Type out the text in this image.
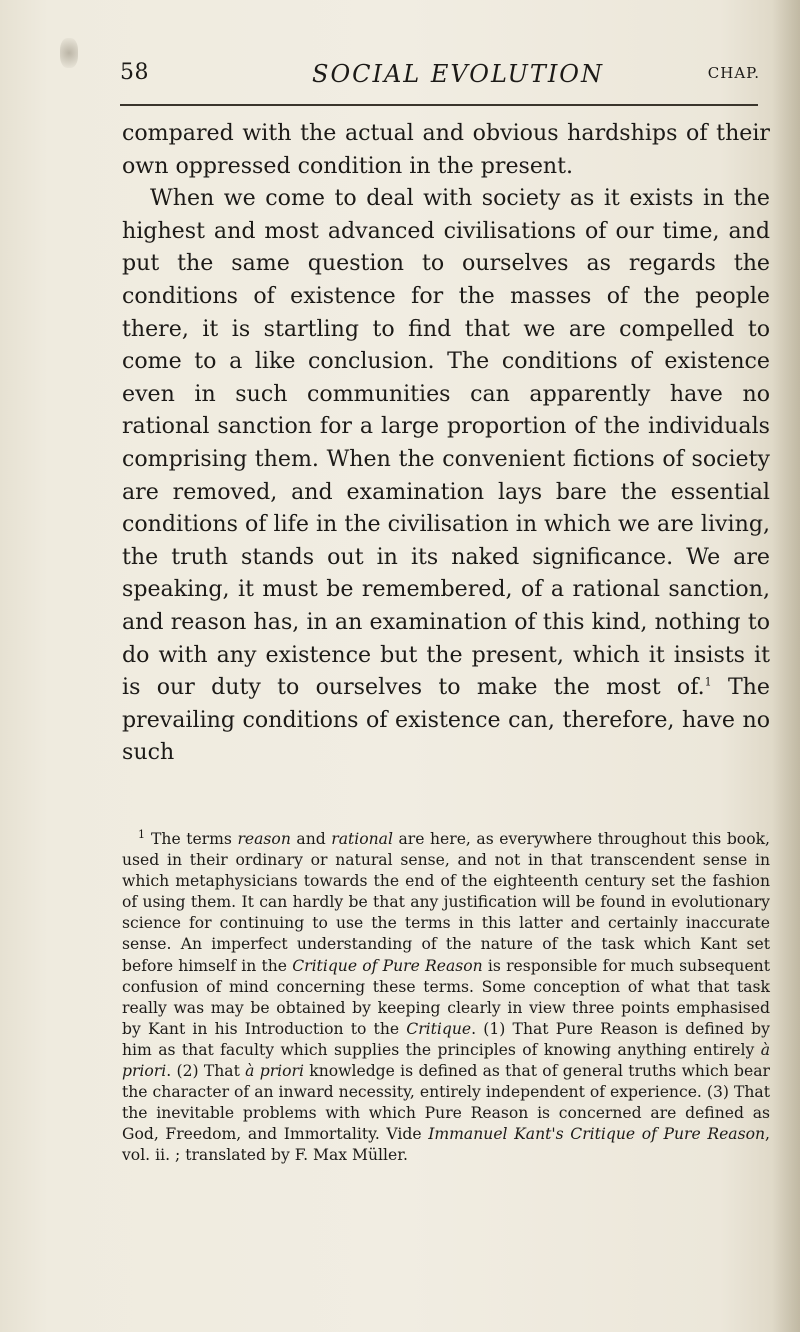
58	SOCIAL EVOLUTION	CHAP.

compared with the actual and obvious hardships of their own oppressed condition in the present.

When we come to deal with society as it exists in the highest and most advanced civilisations of our time, and put the same question to ourselves as regards the conditions of existence for the masses of the people there, it is startling to find that we are compelled to come to a like conclusion. The conditions of existence even in such communities can apparently have no rational sanction for a large proportion of the individuals comprising them. When the convenient fictions of society are removed, and examination lays bare the essential conditions of life in the civilisation in which we are living, the truth stands out in its naked significance. We are speaking, it must be remembered, of a rational sanction, and reason has, in an examination of this kind, nothing to do with any existence but the present, which it insists it is our duty to ourselves to make the most of.$^1$ The prevailing conditions of existence can, therefore, have no such

$^1$ The terms reason and rational are here, as everywhere throughout this book, used in their ordinary or natural sense, and not in that transcendent sense in which metaphysicians towards the end of the eighteenth century set the fashion of using them. It can hardly be that any justification will be found in evolutionary science for continuing to use the terms in this latter and certainly inaccurate sense. An imperfect understanding of the nature of the task which Kant set before himself in the Critique of Pure Reason is responsible for much subsequent confusion of mind concerning these terms. Some conception of what that task really was may be obtained by keeping clearly in view three points emphasised by Kant in his Introduction to the Critique. (1) That Pure Reason is defined by him as that faculty which supplies the principles of knowing anything entirely à priori. (2) That à priori knowledge is defined as that of general truths which bear the character of an inward necessity, entirely independent of experience. (3) That the inevitable problems with which Pure Reason is concerned are defined as God, Freedom, and Immortality. Vide Immanuel Kant's Critique of Pure Reason, vol. ii. ; translated by F. Max Müller.
